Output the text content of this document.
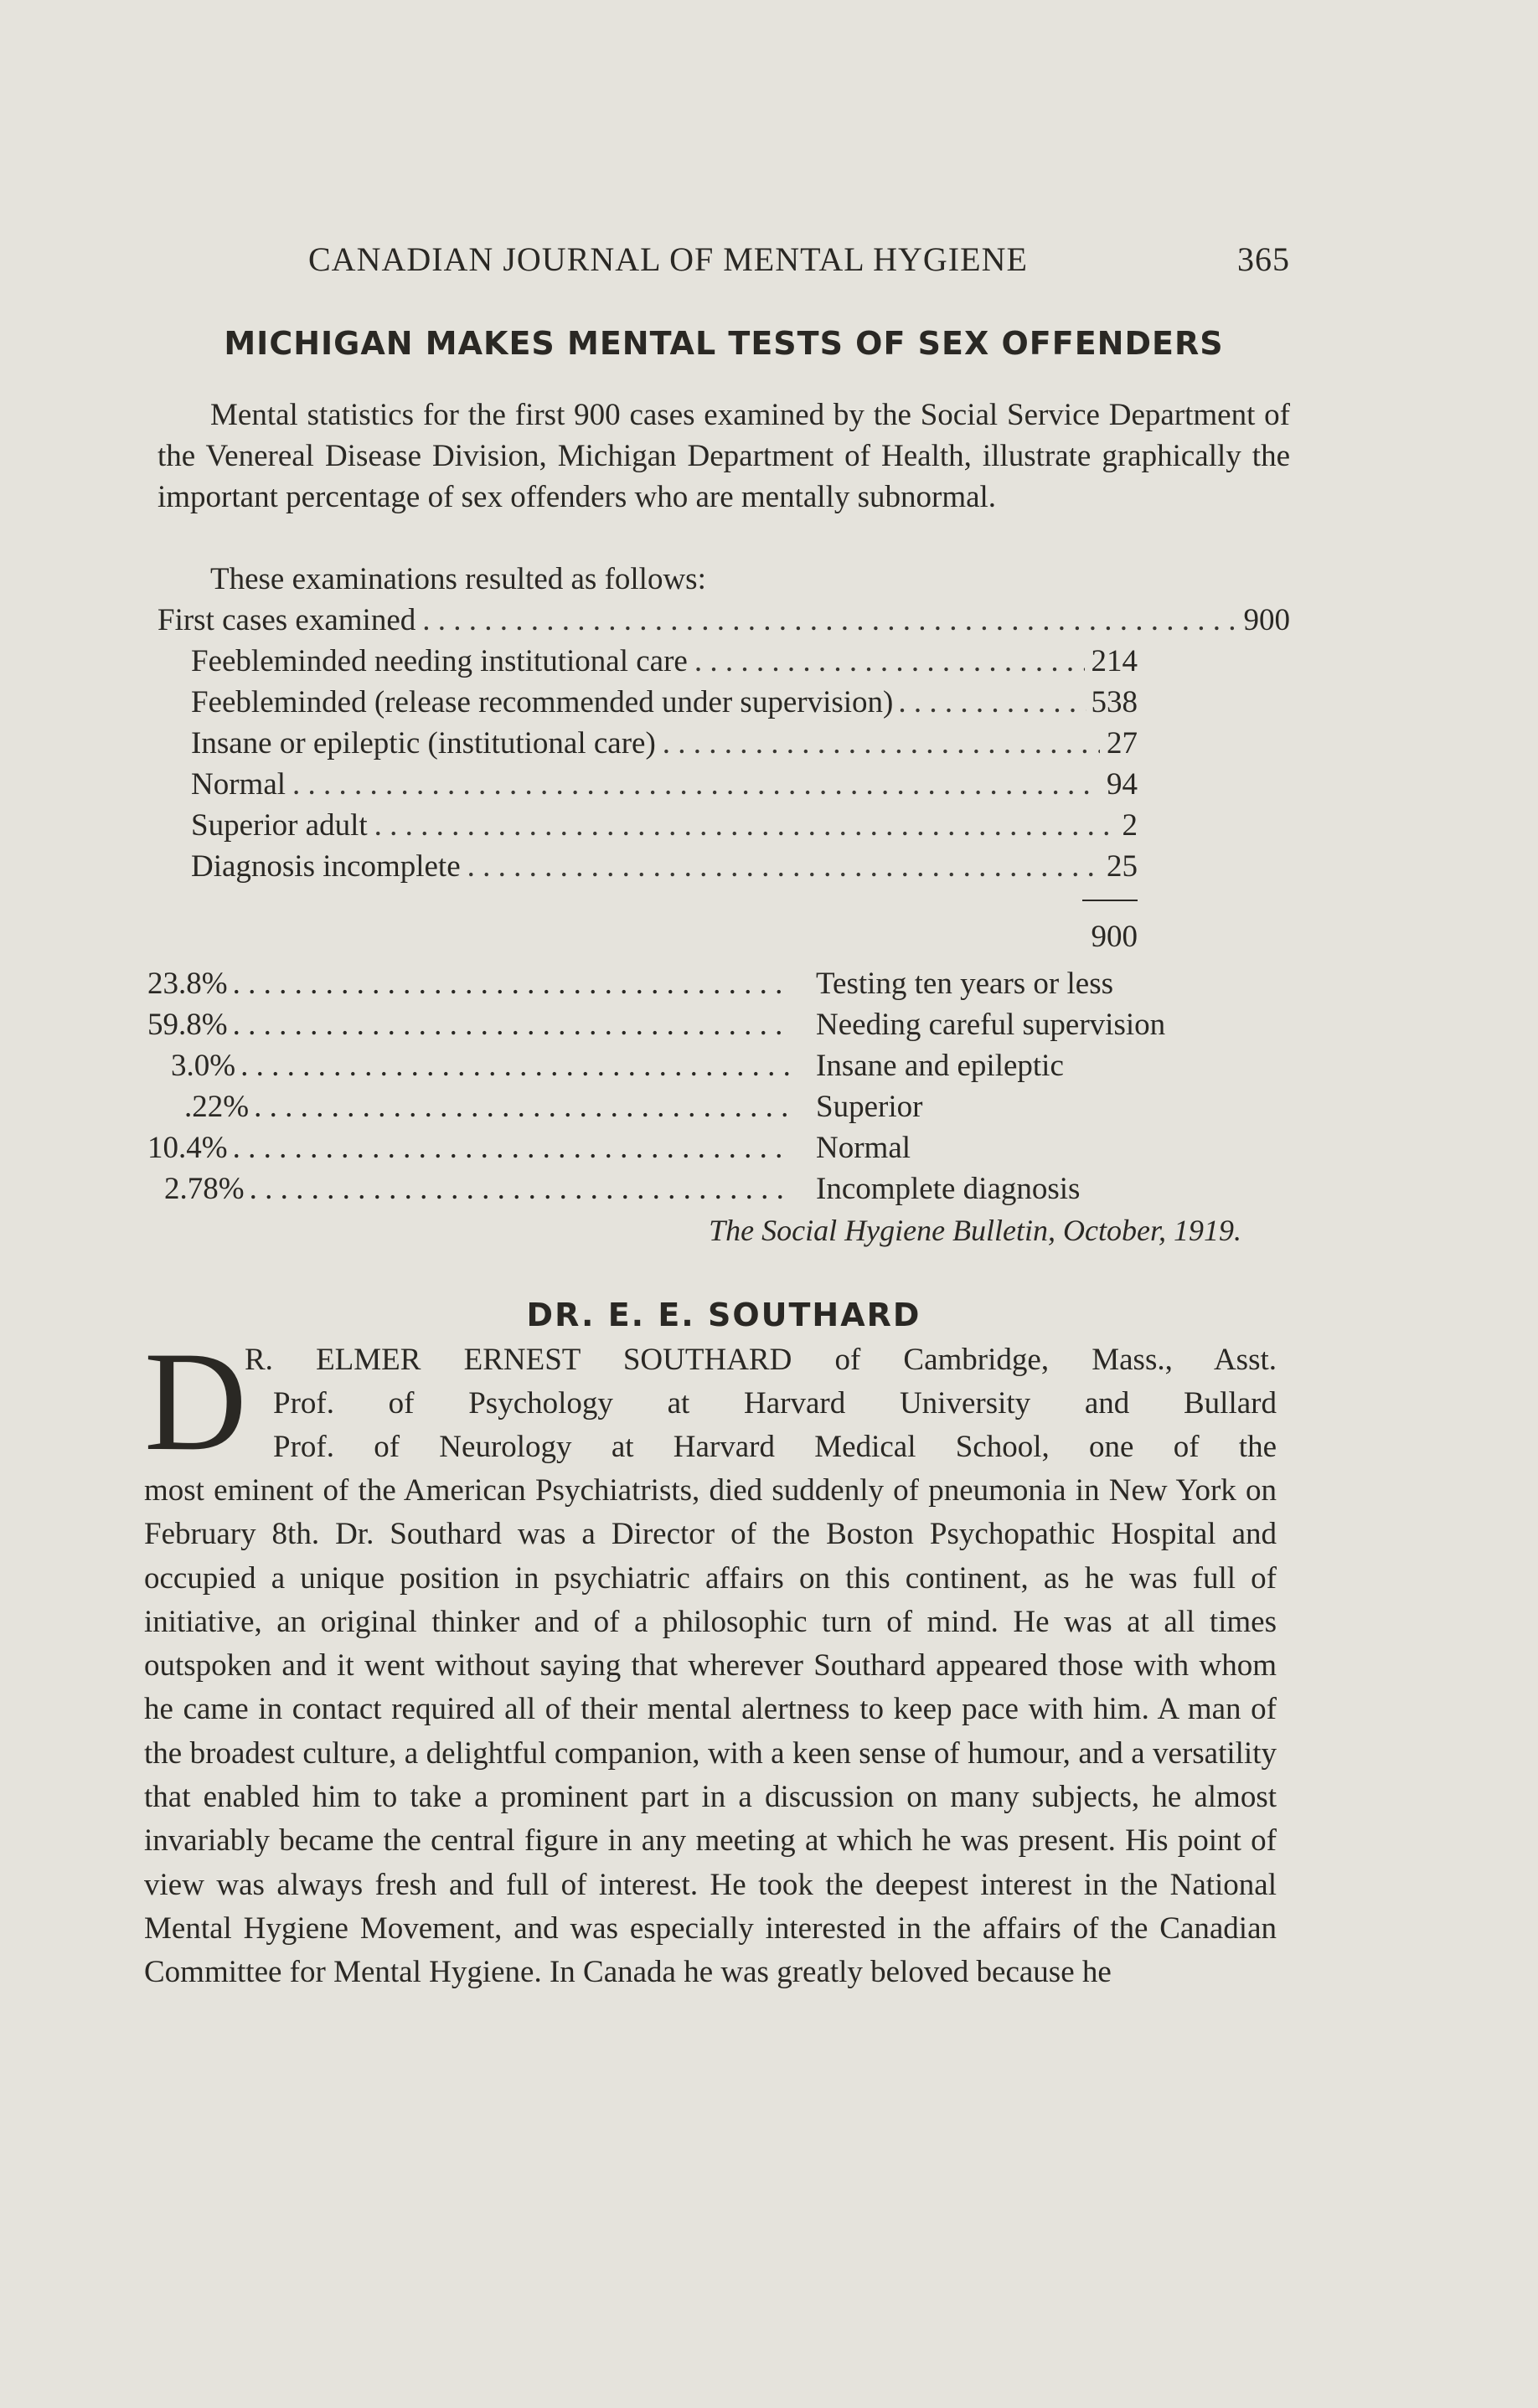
CANADIAN JOURNAL OF MENTAL HYGIENE	365
MICHIGAN MAKES MENTAL TESTS OF SEX OFFENDERS

Mental statistics for the first 900 cases examined by the Social Service Department of the Venereal Disease Division, Michigan Department of Health, illustrate graphically the important percentage of sex offenders who are mentally subnormal.

These examinations resulted as follows:

First cases examined . . .	900
Feebleminded needing institutional care . . .	214
Feebleminded (release recommended under supervision) . . .	538
Insane or epileptic (institutional care) . . .	27
Normal . . .	94
Superior adult . . .	2
Diagnosis incomplete . . .	25
900
23.8% . . .	Testing ten years or less
59.8% . . .	Needing careful supervision
3.0% . . .	Insane and epileptic
.22% . . .	Superior
10.4% . . .	Normal
2.78% . . .	Incomplete diagnosis
The Social Hygiene Bulletin, October, 1919.
DR. E. E. SOUTHARD
D
R. ELMER ERNEST SOUTHARD of Cambridge, Mass., Asst.
Prof. of Psychology at Harvard University and Bullard
Prof. of Neurology at Harvard Medical School, one of the

most eminent of the American Psychiatrists, died suddenly of pneumonia in New York on February 8th. Dr. Southard was a Director of the Boston Psychopathic Hospital and occupied a unique position in psychiatric affairs on this continent, as he was full of initiative, an original thinker and of a philosophic turn of mind. He was at all times outspoken and it went without saying that wherever Southard appeared those with whom he came in contact required all of their mental alertness to keep pace with him. A man of the broadest culture, a delightful companion, with a keen sense of humour, and a versatility that enabled him to take a prominent part in a discussion on many subjects, he almost invariably became the central figure in any meeting at which he was present. His point of view was always fresh and full of interest. He took the deepest interest in the National Mental Hygiene Movement, and was especially interested in the affairs of the Canadian Committee for Mental Hygiene. In Canada he was greatly beloved because he
